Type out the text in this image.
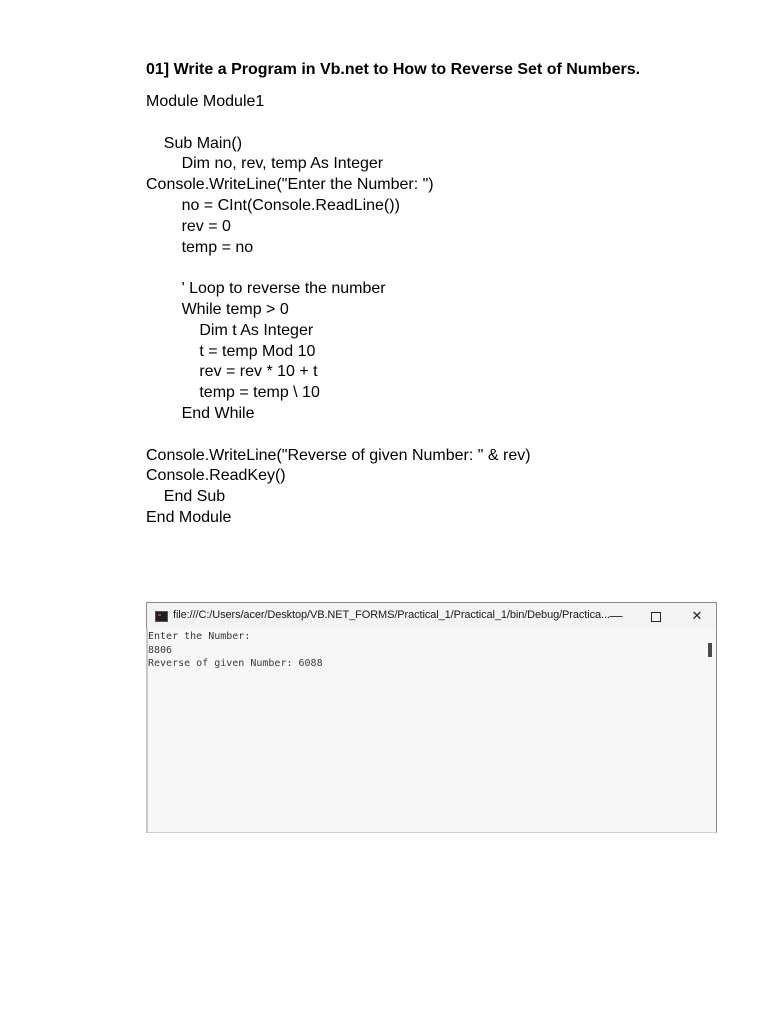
01] Write a Program in Vb.net to How to Reverse Set of Numbers.
Module Module1
Sub Main()
Dim no, rev, temp As Integer
Console.WriteLine("Enter the Number: ")
no = CInt(Console.ReadLine())
rev = 0
temp = no
' Loop to reverse the number
While temp > 0
Dim t As Integer
t = temp Mod 10
rev = rev * 10 + t
temp = temp \ 10
End While
Console.WriteLine("Reverse of given Number: " & rev)
Console.ReadKey()
End Sub
End Module
file:///C:/Users/acer/Desktop/VB.NET_FORMS/Practical_1/Practical_1/bin/Debug/Practica... —	✕
Enter the Number:
8806
Reverse of given Number: 6088
